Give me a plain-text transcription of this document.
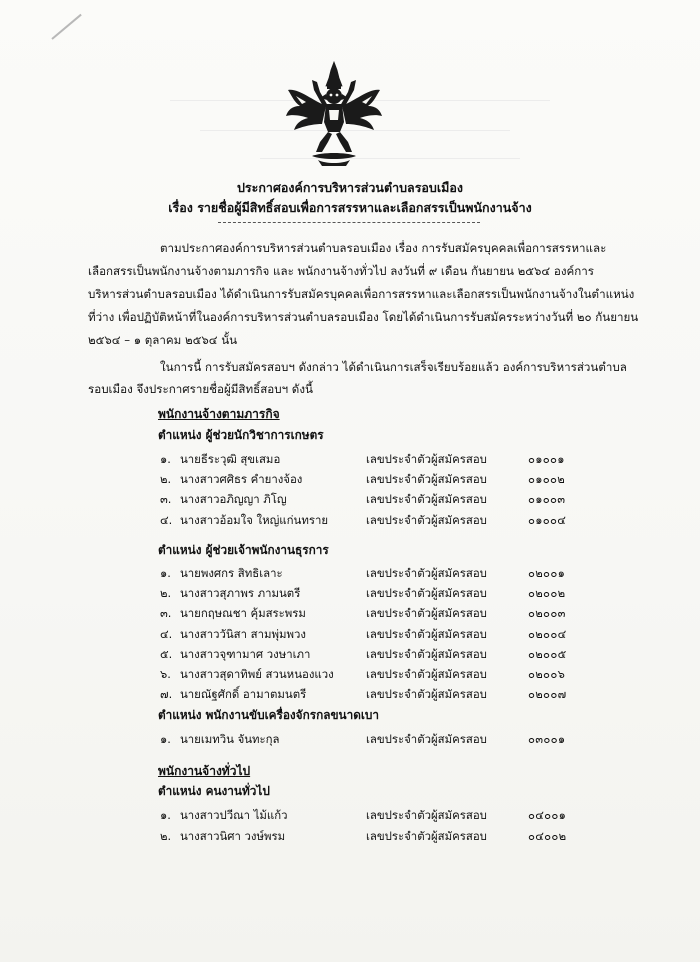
ประกาศองค์การบริหารส่วนตำบลรอบเมือง
เรื่อง รายชื่อผู้มีสิทธิ์สอบเพื่อการสรรหาและเลือกสรรเป็นพนักงานจ้าง
ตามประกาศองค์การบริหารส่วนตำบลรอบเมือง เรื่อง การรับสมัครบุคคลเพื่อการสรรหาและ
เลือกสรรเป็นพนักงานจ้างตามภารกิจ และ พนักงานจ้างทั่วไป ลงวันที่ ๙ เดือน กันยายน ๒๕๖๔ องค์การ
บริหารส่วนตำบลรอบเมือง ได้ดำเนินการรับสมัครบุคคลเพื่อการสรรหาและเลือกสรรเป็นพนักงานจ้างในตำแหน่ง
ที่ว่าง เพื่อปฏิบัติหน้าที่ในองค์การบริหารส่วนตำบลรอบเมือง โดยได้ดำเนินการรับสมัครระหว่างวันที่ ๒๐ กันยายน
๒๕๖๔ – ๑ ตุลาคม ๒๕๖๔ นั้น
ในการนี้ การรับสมัครสอบฯ ดังกล่าว ได้ดำเนินการเสร็จเรียบร้อยแล้ว องค์การบริหารส่วนตำบล
รอบเมือง จึงประกาศรายชื่อผู้มีสิทธิ์สอบฯ ดังนี้
พนักงานจ้างตามภารกิจ
ตำแหน่ง ผู้ช่วยนักวิชาการเกษตร
๑. นายธีระวุฒิ สุขเสมอ	เลขประจำตัวผู้สมัครสอบ	๐๑๐๐๑
๒. นางสาวศศิธร คำยางจ้อง	เลขประจำตัวผู้สมัครสอบ	๐๑๐๐๒
๓. นางสาวอภิญญา ภิโญ	เลขประจำตัวผู้สมัครสอบ	๐๑๐๐๓
๔. นางสาวอ้อมใจ ใหญ่แก่นทราย	เลขประจำตัวผู้สมัครสอบ	๐๑๐๐๔
ตำแหน่ง ผู้ช่วยเจ้าพนักงานธุรการ
๑. นายพงศกร สิทธิเลาะ	เลขประจำตัวผู้สมัครสอบ	๐๒๐๐๑
๒. นางสาวสุภาพร ภามนตรี	เลขประจำตัวผู้สมัครสอบ	๐๒๐๐๒
๓. นายกฤษณชา คุ้มสระพรม	เลขประจำตัวผู้สมัครสอบ	๐๒๐๐๓
๔. นางสาววันิสา สามพุ่มพวง	เลขประจำตัวผู้สมัครสอบ	๐๒๐๐๔
๕. นางสาวจุฑามาศ วงษาเภา	เลขประจำตัวผู้สมัครสอบ	๐๒๐๐๕
๖. นางสาวสุดาทิพย์ สวนหนองแวง	เลขประจำตัวผู้สมัครสอบ	๐๒๐๐๖
๗. นายณัฐศักดิ์ อามาตมนตรี	เลขประจำตัวผู้สมัครสอบ	๐๒๐๐๗
ตำแหน่ง พนักงานขับเครื่องจักรกลขนาดเบา
๑. นายเมทวิน จันทะกุล	เลขประจำตัวผู้สมัครสอบ	๐๓๐๐๑
พนักงานจ้างทั่วไป
ตำแหน่ง คนงานทั่วไป
๑. นางสาวปวีณา ไม้แก้ว	เลขประจำตัวผู้สมัครสอบ	๐๔๐๐๑
๒. นางสาวนิศา วงษ์พรม	เลขประจำตัวผู้สมัครสอบ	๐๔๐๐๒
